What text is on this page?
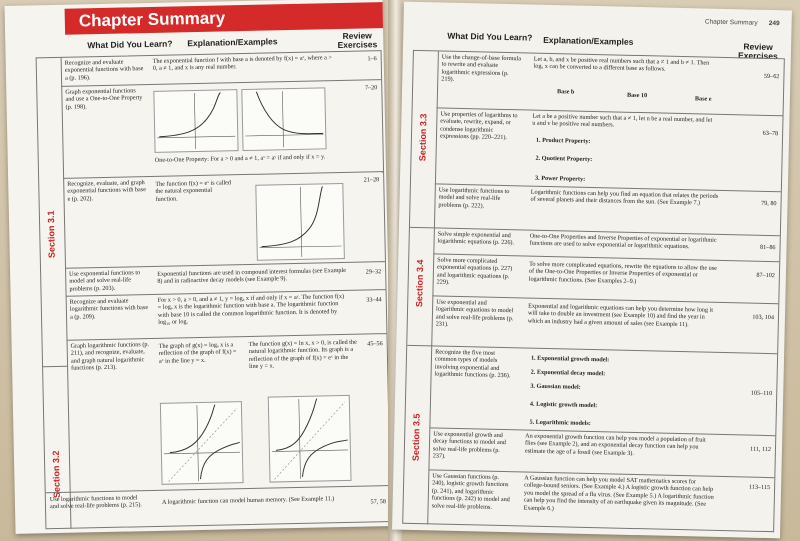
Chapter Summary
What Did You Learn? Explanation/Examples
Review
Exercises
Section 3.1
Section 3.2
Recognize and evaluate exponential functions with base a (p. 196).
The exponential function f with base a is denoted by f(x) = aˣ, where a > 0, a ≠ 1, and x is any real number.
1–6
Graph exponential functions and use a One-to-One Property (p. 198).
One-to-One Property: For a > 0 and a ≠ 1, aˣ = aʸ if and only if x = y.
7–20
Recognize, evaluate, and graph exponential functions with base e (p. 202).
The function f(x) = eˣ is called the natural exponential function.
21–28
Use exponential functions to model and solve real-life problems (p. 203).
Exponential functions are used in compound interest formulas (see Example 8) and in radioactive decay models (see Example 9).
29–32
Recognize and evaluate logarithmic functions with base a (p. 209).
For x > 0, a > 0, and a ≠ 1, y = logₐ x if and only if x = aʸ. The function f(x) = logₐ x is the logarithmic function with base a. The logarithmic function with base 10 is called the common logarithmic function. It is denoted by log₁₀ or log.
33–44
Graph logarithmic functions (p. 211), and recognize, evaluate, and graph natural logarithmic functions (p. 213).
The graph of g(x) = logₐ x is a reflection of the graph of f(x) = aˣ in the line y = x.
The function g(x) = ln x, x > 0, is called the natural logarithmic function. Its graph is a reflection of the graph of f(x) = eˣ in the line y = x.
45–56
Use logarithmic functions to model and solve real-life problems (p. 215).
A logarithmic function can model human memory. (See Example 11.)	57, 58
Chapter Summary 249
What Did You Learn? Explanation/Examples	Review
Exercises
Section 3.3
Section 3.4
Section 3.5
Use the change-of-base formula to rewrite and evaluate logarithmic expressions (p. 219).
Let a, b, and x be positive real numbers such that a ≠ 1 and b ≠ 1. Then logₐ x can be converted to a different base as follows.
Base b	Base 10	Base e
59–62
Use properties of logarithms to evaluate, rewrite, expand, or condense logarithmic expressions (pp. 220–221).
Let a be a positive number such that a ≠ 1, let n be a real number, and let u and v be positive real numbers.
1. Product Property:
2. Quotient Property:
3. Power Property:
63–78
Use logarithmic functions to model and solve real-life problems (p. 222).
Logarithmic functions can help you find an equation that relates the periods of several planets and their distances from the sun. (See Example 7.)	79, 80
Solve simple exponential and logarithmic equations (p. 226).	One-to-One Properties and Inverse Properties of exponential or logarithmic functions are used to solve exponential or logarithmic equations.	81–86
Solve more complicated exponential equations (p. 227) and logarithmic equations (p. 229).
To solve more complicated equations, rewrite the equations to allow the use of the One-to-One Properties or Inverse Properties of exponential or logarithmic functions. (See Examples 2–9.)	87–102
Use exponential and logarithmic equations to model and solve real-life problems (p. 231).
Exponential and logarithmic equations can help you determine how long it will take to double an investment (see Example 10) and find the year in which an industry had a given amount of sales (see Example 11).	103, 104
Recognize the five most common types of models involving exponential and logarithmic functions (p. 236).
1. Exponential growth model:
2. Exponential decay model:
3. Gaussian model:
4. Logistic growth model:
5. Logarithmic models:
105–110
Use exponential growth and decay functions to model and solve real-life problems (p. 237).
An exponential growth function can help you model a population of fruit flies (see Example 2), and an exponential decay function can help you estimate the age of a fossil (see Example 3).	111, 112
Use Gaussian functions (p. 240), logistic growth functions (p. 241), and logarithmic functions (p. 242) to model and solve real-life problems.
A Gaussian function can help you model SAT mathematics scores for college-bound seniors. (See Example 4.) A logistic growth function can help you model the spread of a flu virus. (See Example 5.) A logarithmic function can help you find the intensity of an earthquake given its magnitude. (See Example 6.)
113–115
